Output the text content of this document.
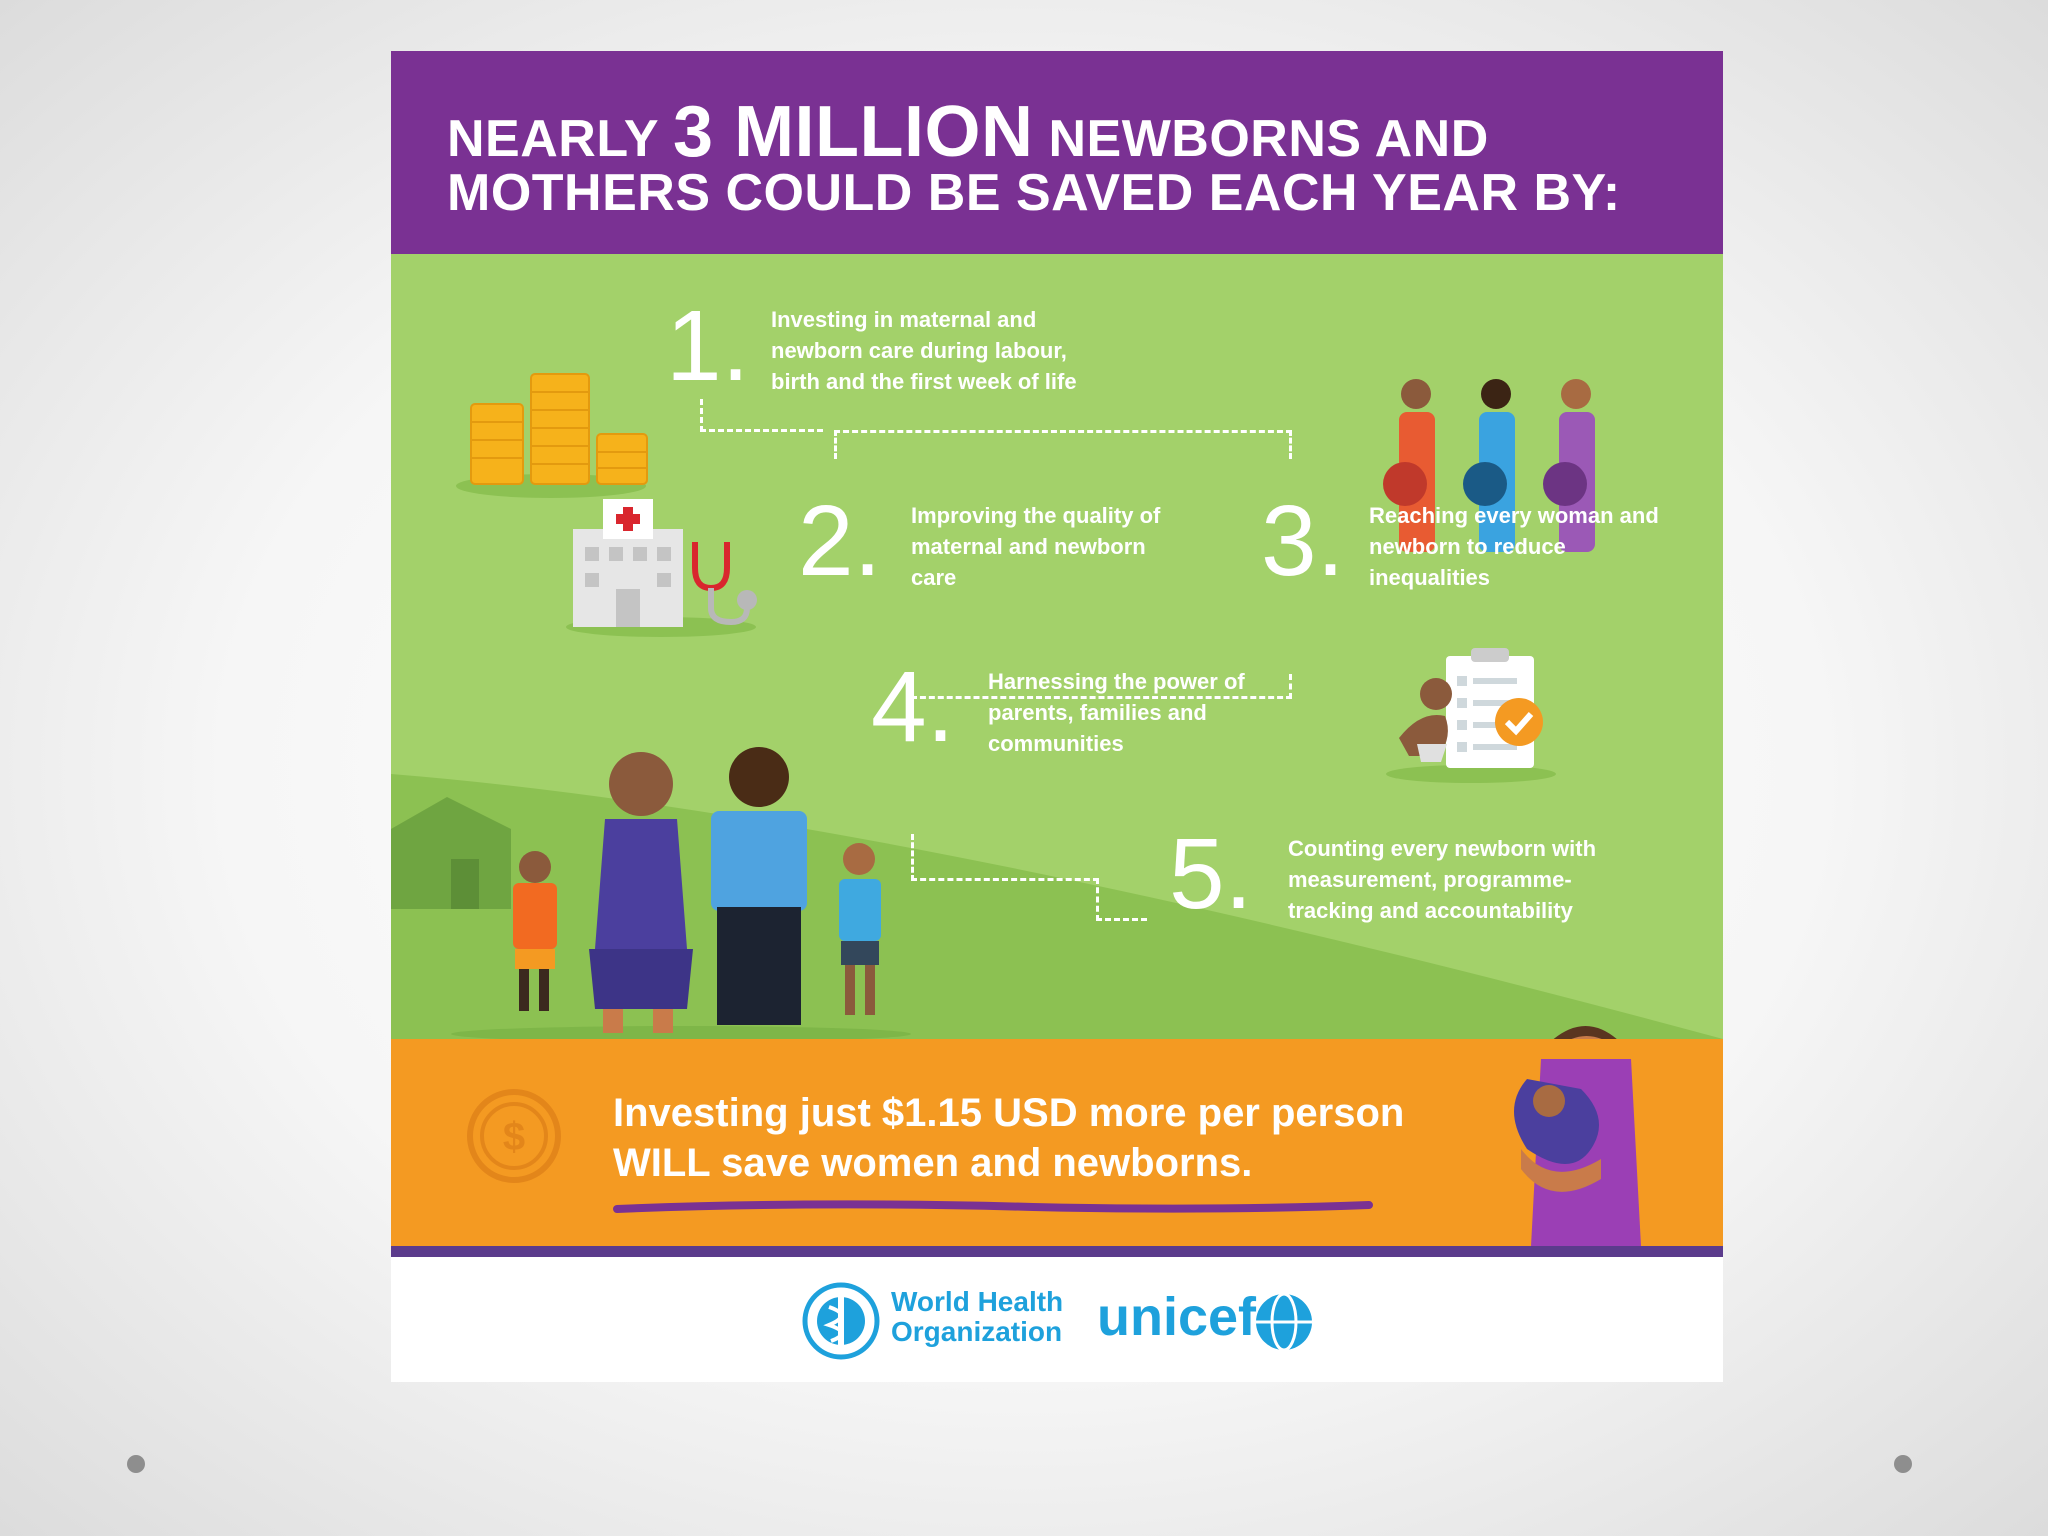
NEARLY 3 MILLION NEWBORNS AND
MOTHERS COULD BE SAVED EACH YEAR BY:
1. Investing in maternal and newborn care during labour, birth and the first week of life
2. Improving the quality of maternal and newborn care	3. Reaching every woman and newborn to reduce inequalities
4. Harnessing the power of parents, families and communities
5. Counting every newborn with measurement, programme-tracking and accountability
$
Investing just $1.15 USD more per person
WILL save women and newborns.
World Health
Organization unicef
